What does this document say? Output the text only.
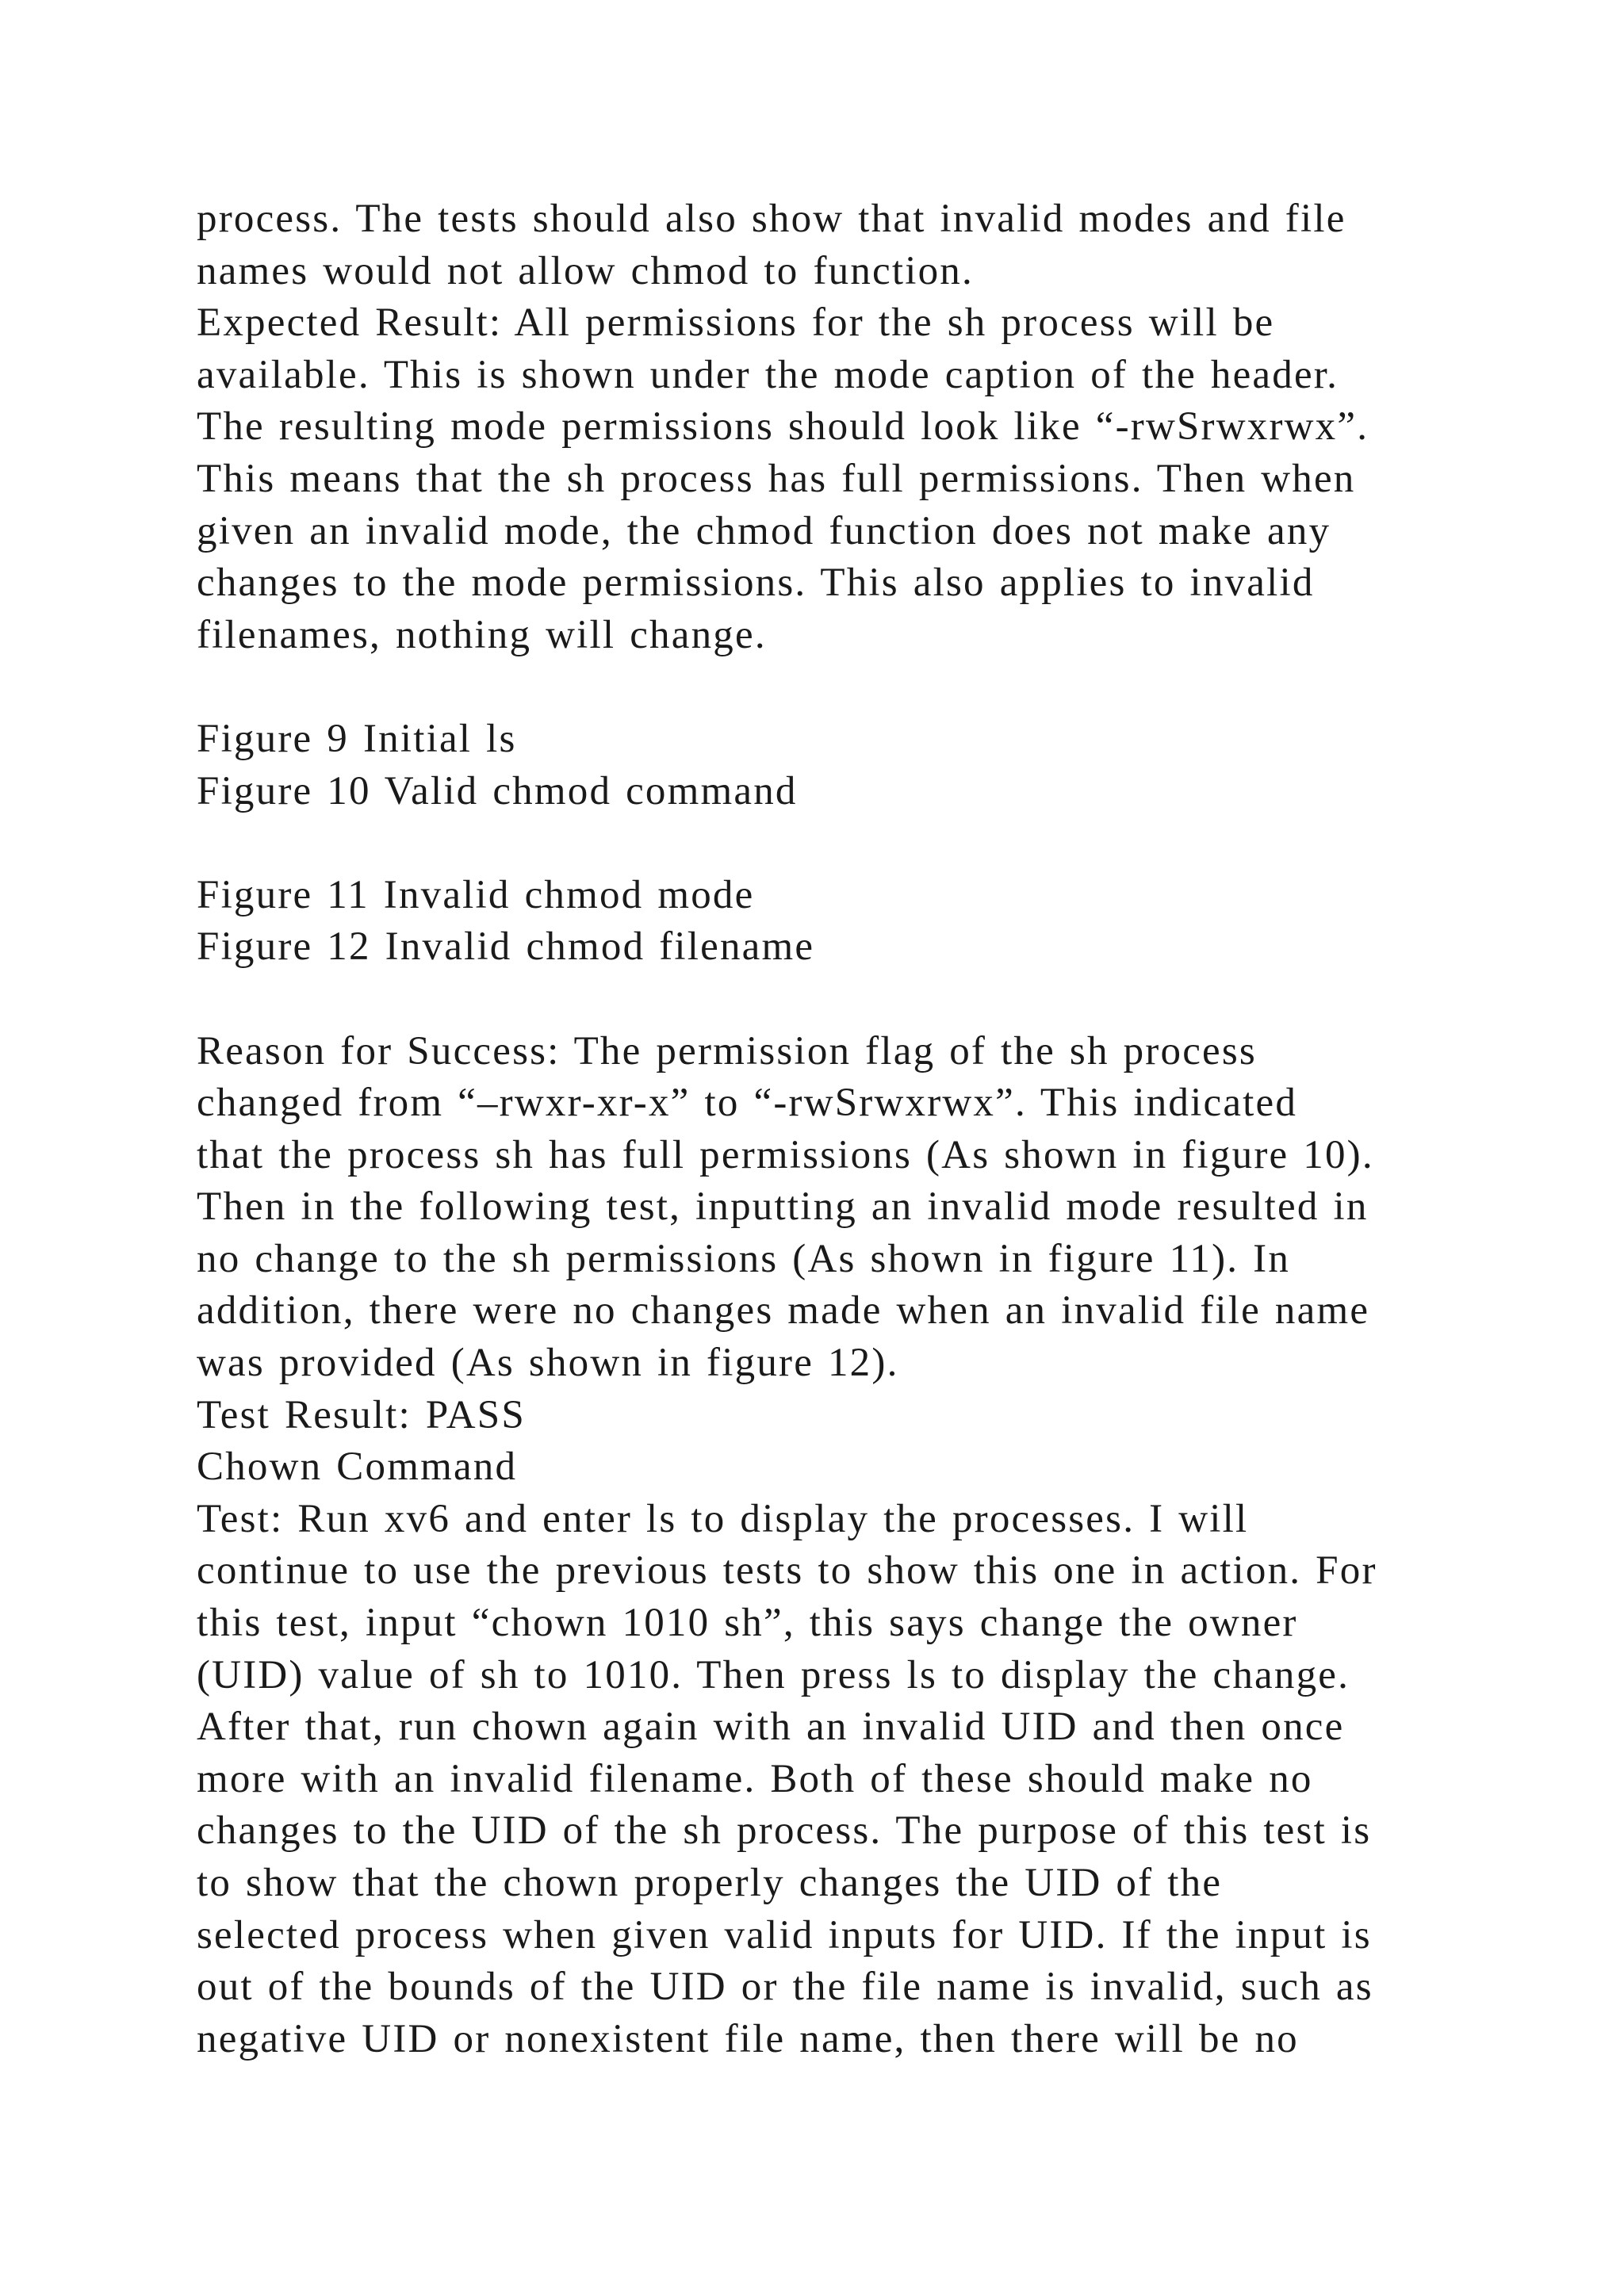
process. The tests should also show that invalid modes and file
names would not allow chmod to function.
Expected Result: All permissions for the sh process will be
available. This is shown under the mode caption of the header.
The resulting mode permissions should look like “-rwSrwxrwx”.
This means that the sh process has full permissions. Then when
given an invalid mode, the chmod function does not make any
changes to the mode permissions. This also applies to invalid
filenames, nothing will change.
Figure 9 Initial ls
Figure 10 Valid chmod command
Figure 11 Invalid chmod mode
Figure 12 Invalid chmod filename
Reason for Success: The permission flag of the sh process
changed from “–rwxr-xr-x” to “-rwSrwxrwx”. This indicated
that the process sh has full permissions (As shown in figure 10).
Then in the following test, inputting an invalid mode resulted in
no change to the sh permissions (As shown in figure 11). In
addition, there were no changes made when an invalid file name
was provided (As shown in figure 12).
Test Result: PASS
Chown Command
Test: Run xv6 and enter ls to display the processes. I will
continue to use the previous tests to show this one in action. For
this test, input “chown 1010 sh”, this says change the owner
(UID) value of sh to 1010. Then press ls to display the change.
After that, run chown again with an invalid UID and then once
more with an invalid filename. Both of these should make no
changes to the UID of the sh process. The purpose of this test is
to show that the chown properly changes the UID of the
selected process when given valid inputs for UID. If the input is
out of the bounds of the UID or the file name is invalid, such as
negative UID or nonexistent file name, then there will be no
